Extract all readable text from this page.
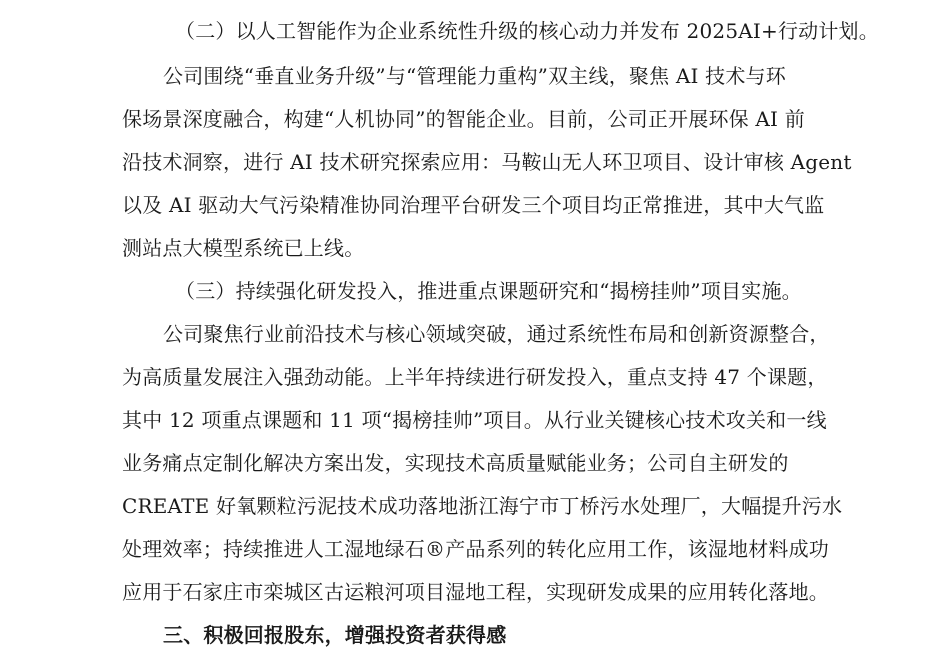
（二）以人工智能作为企业系统性升级的核心动力并发布 2025AI+行动计划。
公司围绕“垂直业务升级”与“管理能力重构”双主线，聚焦 AI 技术与环
保场景深度融合，构建“人机协同”的智能企业。目前，公司正开展环保 AI 前
沿技术洞察，进行 AI 技术研究探索应用：马鞍山无人环卫项目、设计审核 Agent
以及 AI 驱动大气污染精准协同治理平台研发三个项目均正常推进，其中大气监
测站点大模型系统已上线。
（三）持续强化研发投入，推进重点课题研究和“揭榜挂帅”项目实施。
公司聚焦行业前沿技术与核心领域突破，通过系统性布局和创新资源整合，
为高质量发展注入强劲动能。上半年持续进行研发投入，重点支持 47 个课题，
其中 12 项重点课题和 11 项“揭榜挂帅”项目。从行业关键核心技术攻关和一线
业务痛点定制化解决方案出发，实现技术高质量赋能业务；公司自主研发的
CREATE 好氧颗粒污泥技术成功落地浙江海宁市丁桥污水处理厂，大幅提升污水
处理效率；持续推进人工湿地绿石®产品系列的转化应用工作，该湿地材料成功
应用于石家庄市栾城区古运粮河项目湿地工程，实现研发成果的应用转化落地。
三、积极回报股东，增强投资者获得感
